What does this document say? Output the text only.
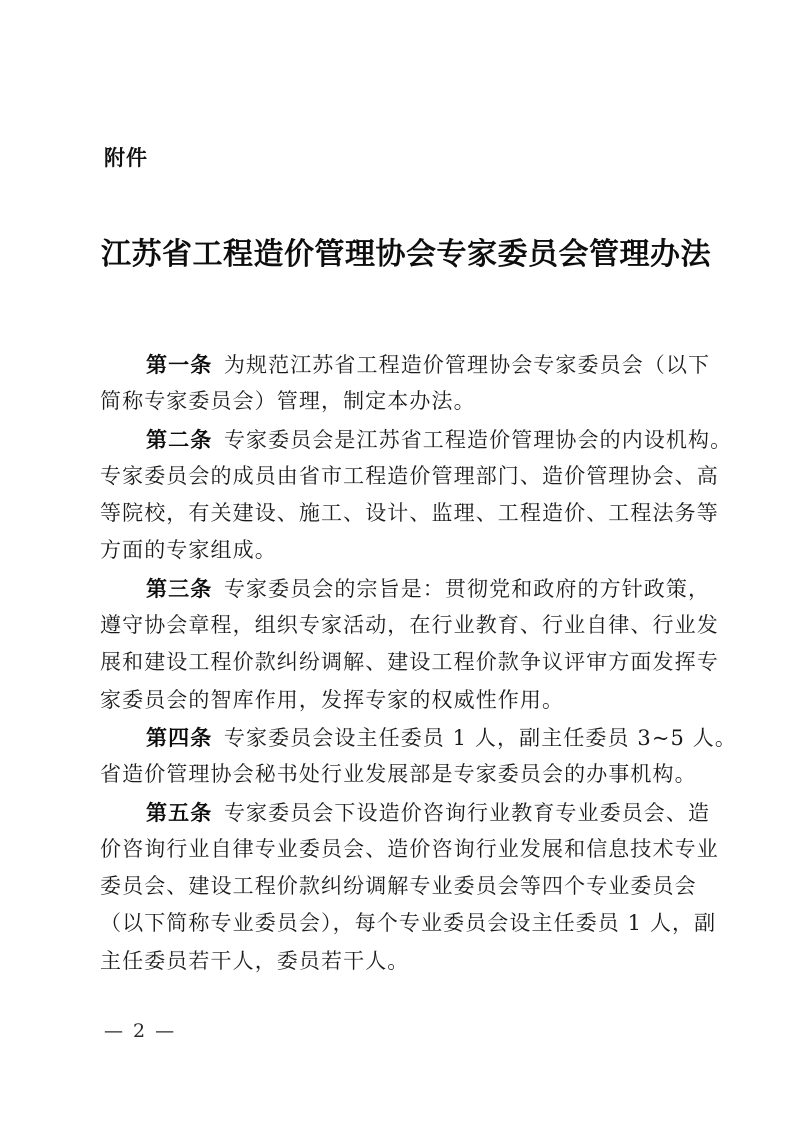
附件
江苏省工程造价管理协会专家委员会管理办法
第一条 为规范江苏省工程造价管理协会专家委员会（以下
简称专家委员会）管理，制定本办法。
第二条 专家委员会是江苏省工程造价管理协会的内设机构。
专家委员会的成员由省市工程造价管理部门、造价管理协会、高
等院校，有关建设、施工、设计、监理、工程造价、工程法务等
方面的专家组成。
第三条 专家委员会的宗旨是：贯彻党和政府的方针政策，
遵守协会章程，组织专家活动，在行业教育、行业自律、行业发
展和建设工程价款纠纷调解、建设工程价款争议评审方面发挥专
家委员会的智库作用，发挥专家的权威性作用。
第四条 专家委员会设主任委员 1 人，副主任委员 3~5 人。
省造价管理协会秘书处行业发展部是专家委员会的办事机构。
第五条 专家委员会下设造价咨询行业教育专业委员会、造
价咨询行业自律专业委员会、造价咨询行业发展和信息技术专业
委员会、建设工程价款纠纷调解专业委员会等四个专业委员会
（以下简称专业委员会），每个专业委员会设主任委员 1 人，副
主任委员若干人，委员若干人。
— 2 —
